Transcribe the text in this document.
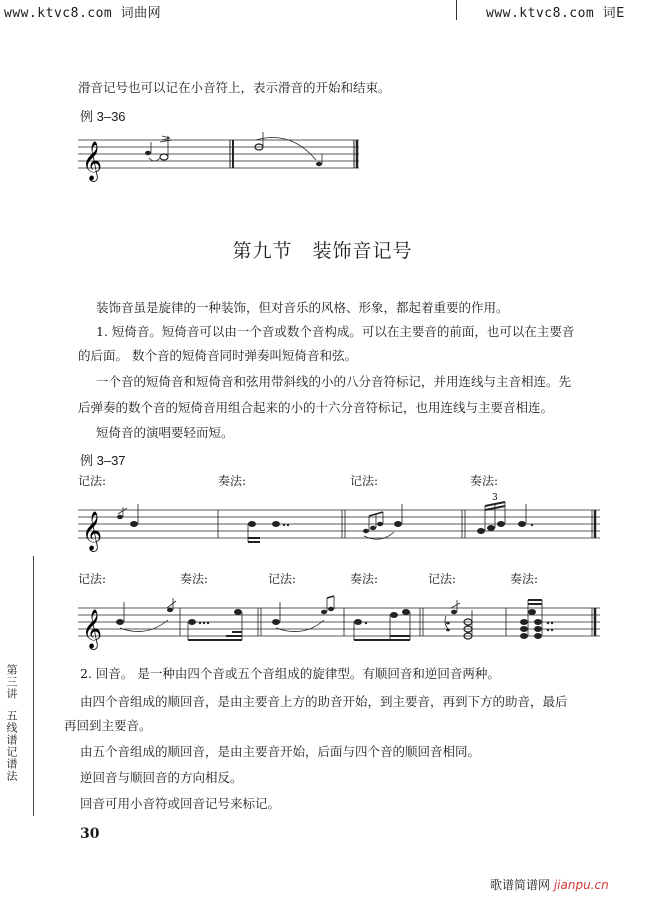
www.ktvc8.com 词曲网	www.ktvc8.com 词E
滑音记号也可以记在小音符上，表示滑音的开始和结束。
例 3–36
𝄞
第九节　装饰音记号
装饰音虽是旋律的一种装饰，但对音乐的风格、形象，都起着重要的作用。
1. 短倚音。短倚音可以由一个音或数个音构成。可以在主要音的前面，也可以在主要音
的后面。 数个音的短倚音同时弹奏叫短倚音和弦。
一个音的短倚音和短倚音和弦用带斜线的小的八分音符标记，并用连线与主音相连。先
后弹奏的数个音的短倚音用组合起来的小的十六分音符标记，也用连线与主要音相连。
短倚音的演唱要轻而短。
例 3–37
记法:	奏法:	记法:	奏法:
𝄞
3
记法:	奏法:	记法:	奏法:	记法:	奏法:
𝄞
2. 回音。 是一种由四个音或五个音组成的旋律型。有顺回音和逆回音两种。
由四个音组成的顺回音，是由主要音上方的助音开始，到主要音，再到下方的助音，最后
再回到主要音。
由五个音组成的顺回音，是由主要音开始，后面与四个音的顺回音相同。
逆回音与顺回音的方向相反。
回音可用小音符或回音记号来标记。
第三讲
五线谱记谱法
30
歌谱简谱网 jianpu.cn
